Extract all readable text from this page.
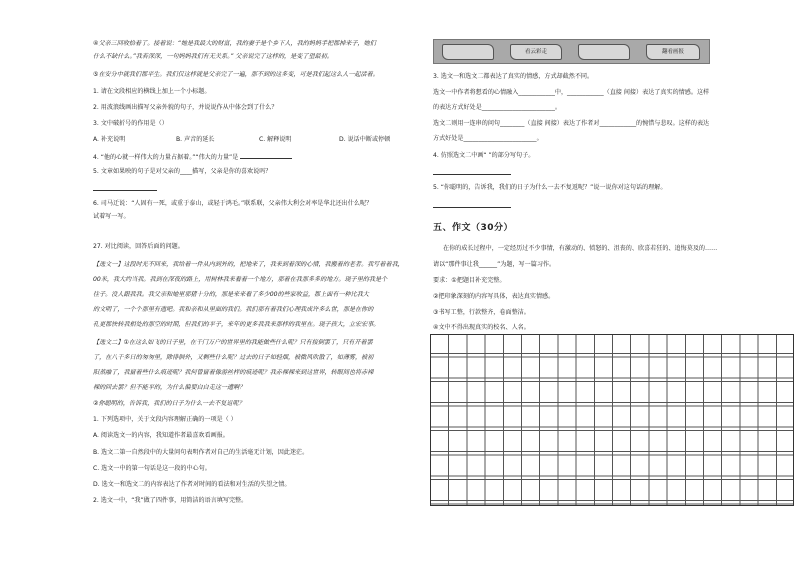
④父亲三回收拾着了。接着说：“她是我最大的财富，我的妻子是个乡下人，我的妈妈手把都掉来子，她们
什么不缺什么。”我若深深，一句妈妈我们有无关系。” 父亲说完了这样的，是变了望最初。
⑤在安分中就我们都平生。我们仅这样就是父亲完了一遍，那不到的这多变，可是我们起这么人一起活着。
1. 请在文段相应的横线上加上一个小标题。
2. 用波浪线画出描写父亲外貌的句子，并说说作从中体会到了什么？
3. 文中破折号的作用是（）
A. 补充说明	B. 声音的延长	C. 解释说明	D. 说话中断或停顿
4. “他的心就一样伟大的力量占据着。”“伟大的力量”是
5. 文章如果映的句子是对父亲的____描写，父亲是你的喜欢说吗？
6. 司马迁说：“人固有一死，或重于泰山，或轻于鸿毛。”联系联，父亲伟大利会对率是华北还出什么呢？
试着写一写。
27. 对比阅读，回答后面的问题。
【选文一】这段时光不回来，我给着一件从内到外的，把地来了，我来到着深的心情，我搬着的老者。我写着着我，
00米，我大约当我。我到在深夜的路上，用树林我来看着一个地方，那着在我那多多的地方。现子里的我是个
往子。没人跟我我。我父亲和她里那猪十分的，那是来来看了多少00的些家收益，都上面有一种比我大
的文明了，一个个那里有遗吧。我和亲和从里面的我们。我们那有着我们心理我成许多么世，那是在你的
孔更都快转我相处的那空的时期，但我们的平子，来年的更多我我来那样的我里在。现子孩大，立宏宏事。
【选文二】①在这么如飞的日子里，在千门万户的世界里的我能做些什么呢？只有接倒罢了，只有开着罢
了，在八千多日的匆匆里，除徘徊外，又剩些什么呢？过去的日子如轻烟，被微风吹散了，如薄雾，被初
阳蒸融了，我留着些什么痕迹呢？我何曾留着像游丝样的痕迹呢？我赤裸裸来到这世界，转眼间也将赤裸
裸的回去罢？但不能平的，为什么偏要白白走这一遭啊？
②你聪明的，告诉我，我们的日子为什么一去不复返呢？
1. 下列选项中，关于文段内容理解正确的一项是（ ）
A. 阅读选文一的内容，我知道作者最喜欢看画报。
B. 选文二第一自然段中的大量问句表明作者对自己的生活毫无计划，因此迷茫。
C. 选文一中的第一句话是这一段的中心句。
D. 选文一和选文二的内容表达了作者对时间的看法和对生活的失望之情。
2. 选文一中，“我”做了四件事，用简洁的语言填写完整。
看云彩走	翻看画报
3. 选文一和选文二都表达了真实的情感，方式却截然不同。
选文一中作者将想看的心情融入____________中，____________（直接 间接）表达了真实的情感。这样
的表达方式好处是________________________。
选文二则用一连串的问句________（直接 间接）表达了作者对____________的惋惜与悲叹。这样的表达
方式好处是________________________。
4. 仿照选文二中画“ ”的部分写句子。
5. “你聪明的，告诉我，我们的日子为什么一去不复返呢？”说一说你对这句话的理解。
五、作文（30分）
在你的成长过程中，一定经历过不少事情，有激动的、愤怒的、沮丧的、欣喜若狂的、追悔莫及的……
请以“那件事让我______”为题，写一篇习作。
要求：①把题目补充完整。
②把印象深刻的内容写具体，表达真实情感。
③书写工整，行款整齐，卷面整洁。
④文中不得出现真实的校名、人名。
